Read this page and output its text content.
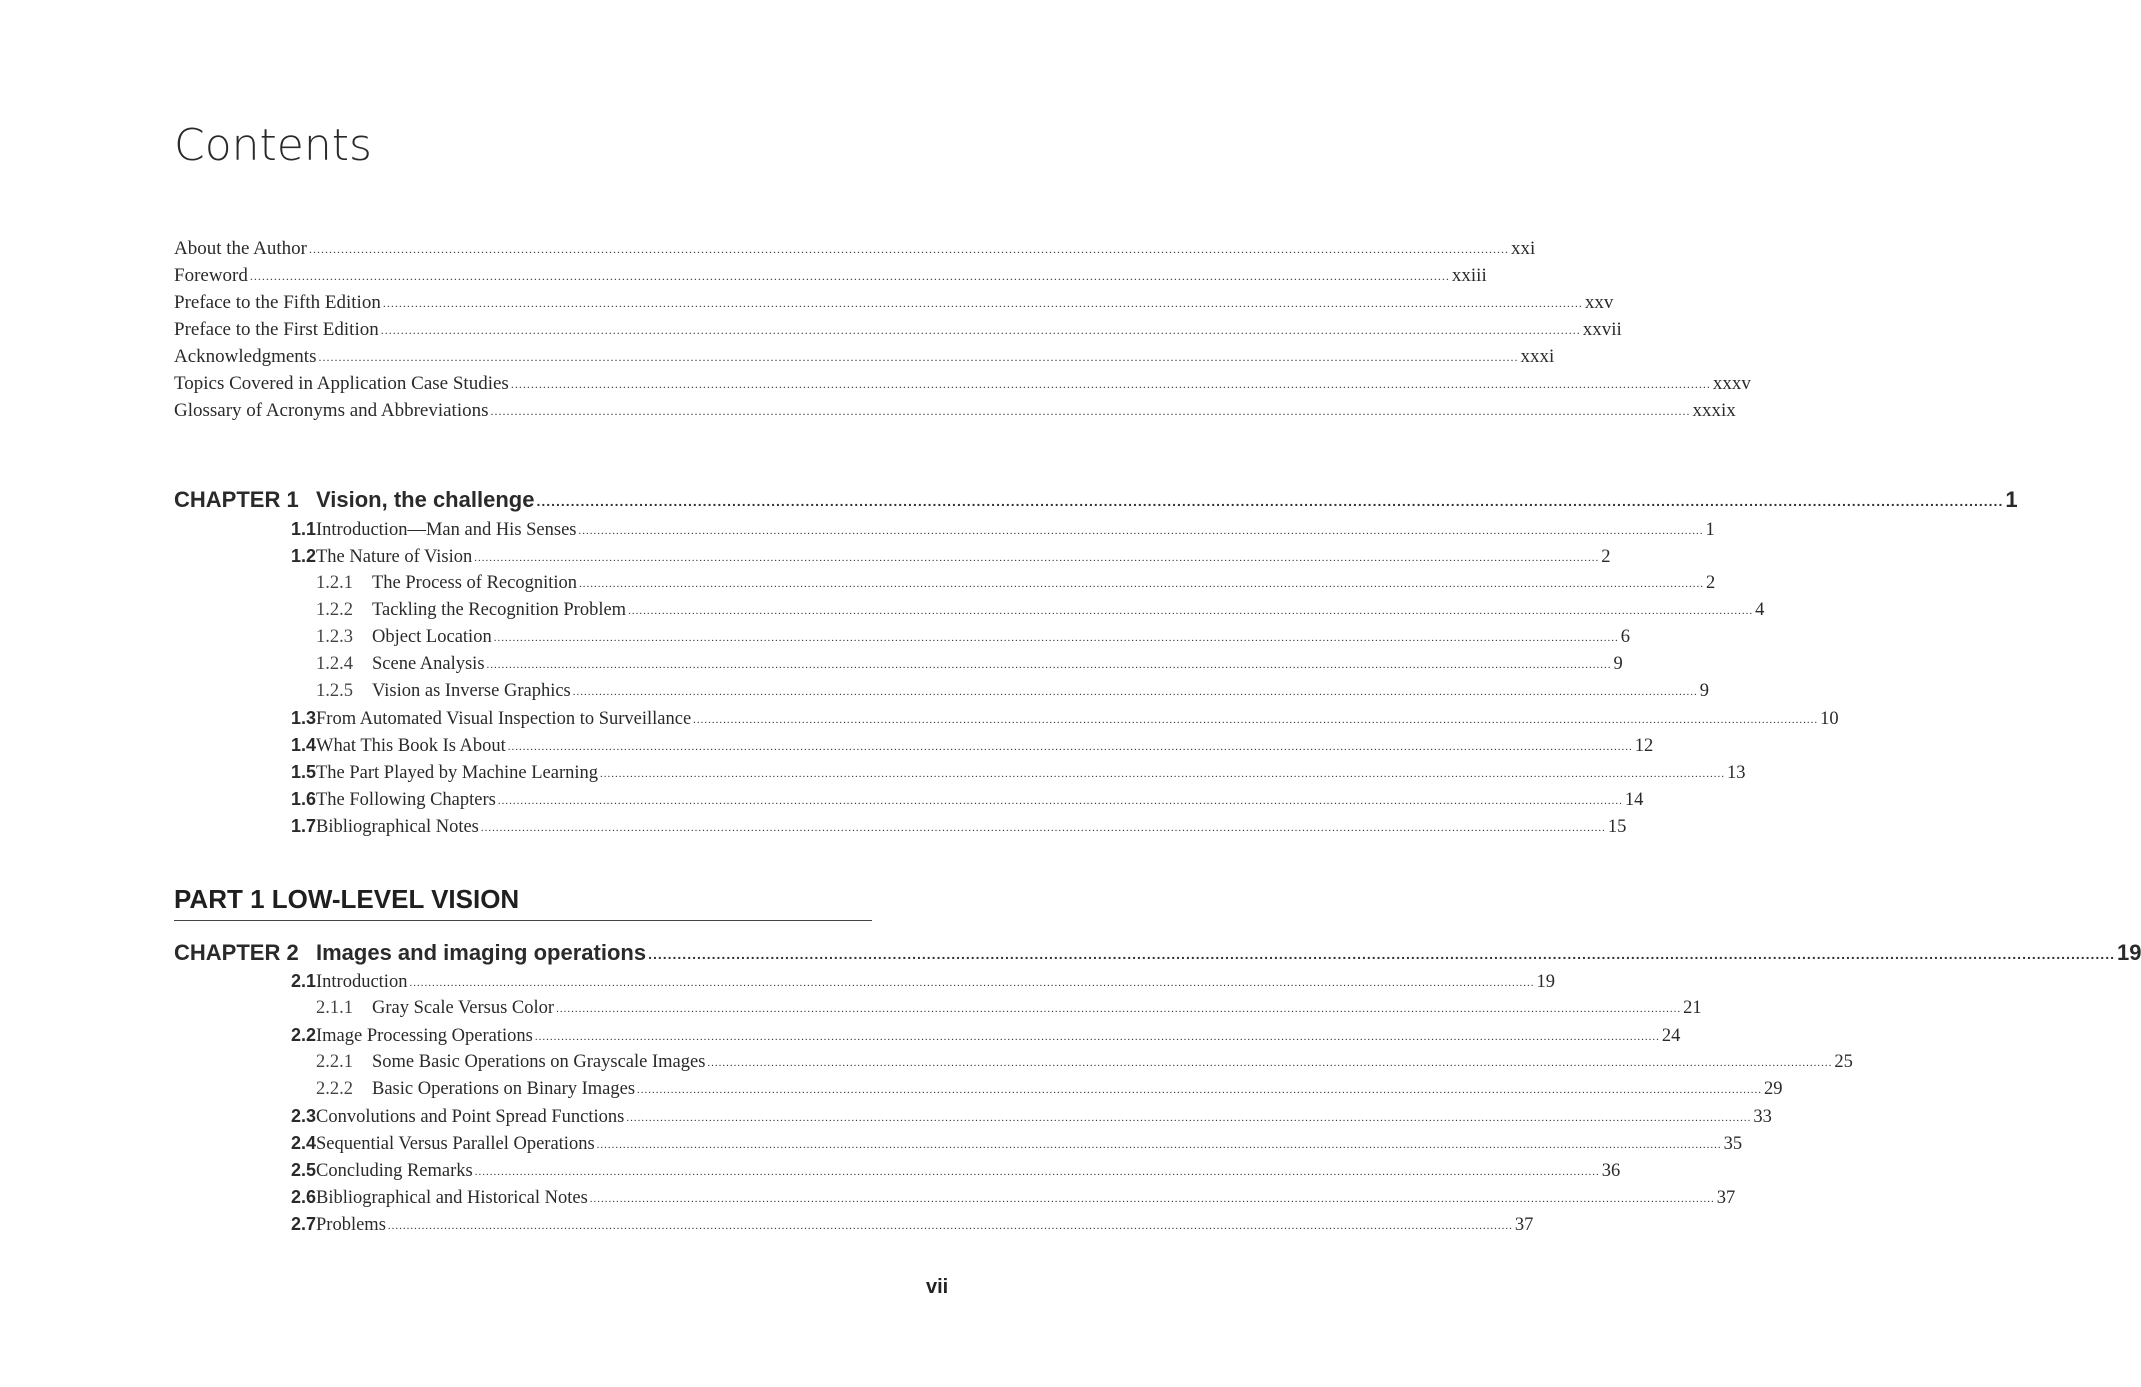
Contents
About the Author ............................................................................................................................................................................................................................................................................................................ xxi
Foreword ............................................................................................................................................................................................................................................................................................................ xxiii
Preface to the Fifth Edition ............................................................................................................................................................................................................................................................................................................ xxv
Preface to the First Edition ............................................................................................................................................................................................................................................................................................................ xxvii
Acknowledgments ............................................................................................................................................................................................................................................................................................................ xxxi
Topics Covered in Application Case Studies ............................................................................................................................................................................................................................................................................................................ xxxv
Glossary of Acronyms and Abbreviations ............................................................................................................................................................................................................................................................................................................ xxxix
CHAPTER 1 Vision, the challenge ............................................................................................................................................................................................................................................................................................................ 1
1.1 Introduction—Man and His Senses ............................................................................................................................................................................................................................................................................................................ 1
1.2 The Nature of Vision ............................................................................................................................................................................................................................................................................................................ 2
1.2.1	The Process of Recognition ............................................................................................................................................................................................................................................................................................................ 2
1.2.2	Tackling the Recognition Problem ............................................................................................................................................................................................................................................................................................................ 4
1.2.3	Object Location ............................................................................................................................................................................................................................................................................................................ 6
1.2.4	Scene Analysis ............................................................................................................................................................................................................................................................................................................ 9
1.2.5	Vision as Inverse Graphics ............................................................................................................................................................................................................................................................................................................ 9
1.3 From Automated Visual Inspection to Surveillance ............................................................................................................................................................................................................................................................................................................ 10
1.4 What This Book Is About ............................................................................................................................................................................................................................................................................................................ 12
1.5 The Part Played by Machine Learning ............................................................................................................................................................................................................................................................................................................ 13
1.6 The Following Chapters ............................................................................................................................................................................................................................................................................................................ 14
1.7 Bibliographical Notes ............................................................................................................................................................................................................................................................................................................ 15
PART 1 LOW-LEVEL VISION
CHAPTER 2 Images and imaging operations ............................................................................................................................................................................................................................................................................................................ 19
2.1 Introduction ............................................................................................................................................................................................................................................................................................................ 19
2.1.1	Gray Scale Versus Color ............................................................................................................................................................................................................................................................................................................ 21
2.2 Image Processing Operations ............................................................................................................................................................................................................................................................................................................ 24
2.2.1	Some Basic Operations on Grayscale Images ............................................................................................................................................................................................................................................................................................................ 25
2.2.2	Basic Operations on Binary Images ............................................................................................................................................................................................................................................................................................................ 29
2.3 Convolutions and Point Spread Functions ............................................................................................................................................................................................................................................................................................................ 33
2.4 Sequential Versus Parallel Operations ............................................................................................................................................................................................................................................................................................................ 35
2.5 Concluding Remarks ............................................................................................................................................................................................................................................................................................................ 36
2.6 Bibliographical and Historical Notes ............................................................................................................................................................................................................................................................................................................ 37
2.7 Problems ............................................................................................................................................................................................................................................................................................................ 37
vii
